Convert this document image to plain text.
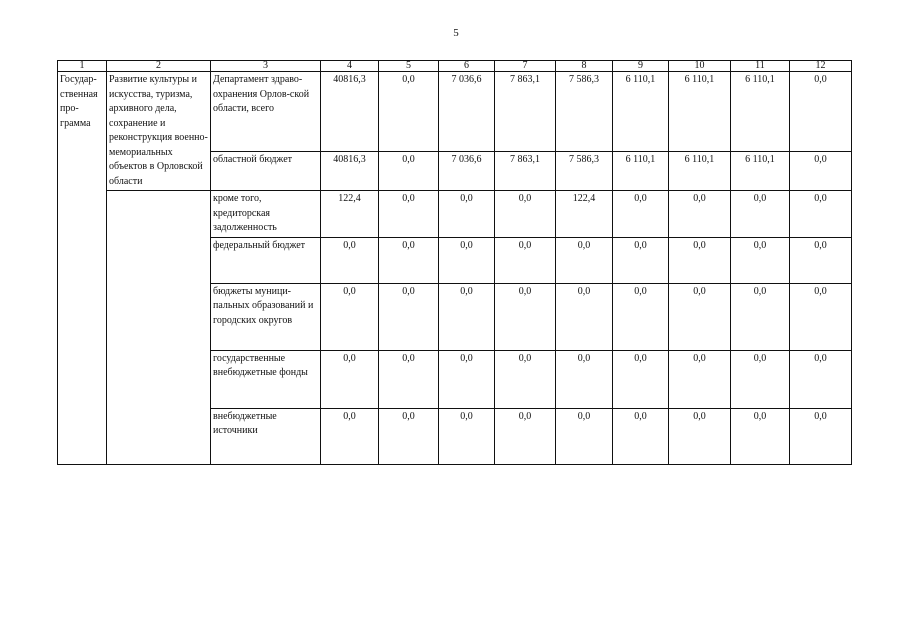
5
1	2	3	4	5	6	7	8	9	10	11	12
Государ-ственная про-грамма	Развитие культуры и искусства, туризма, архивного дела, сохранение и реконструкция военно-мемориальных объектов в Орловской области	Департамент здраво-охранения Орлов-ской области, всего	40816,3	0,0	7 036,6	7 863,1	7 586,3	6 110,1	6 110,1	6 110,1	0,0
		областной бюджет	40816,3	0,0	7 036,6	7 863,1	7 586,3	6 110,1	6 110,1	6 110,1	0,0
		кроме того, кредиторская задолженность	122,4	0,0	0,0	0,0	122,4	0,0	0,0	0,0	0,0
		федеральный бюджет	0,0	0,0	0,0	0,0	0,0	0,0	0,0	0,0	0,0
		бюджеты муници-пальных образований и городских округов	0,0	0,0	0,0	0,0	0,0	0,0	0,0	0,0	0,0
		государственные внебюджетные фонды	0,0	0,0	0,0	0,0	0,0	0,0	0,0	0,0	0,0
		внебюджетные источники	0,0	0,0	0,0	0,0	0,0	0,0	0,0	0,0	0,0
